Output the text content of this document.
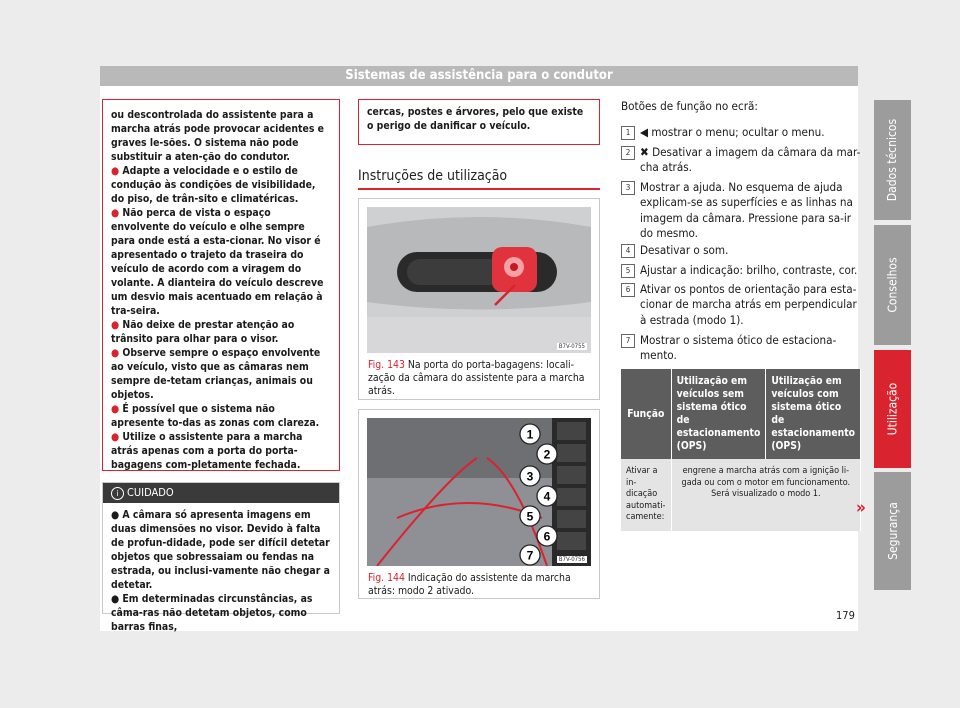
Sistemas de assistência para o condutor

ou descontrolada do assistente para a marcha atrás pode provocar acidentes e graves le-sões. O sistema não pode substituir a aten-ção do condutor.

● Adapte a velocidade e o estilo de condução às condições de visibilidade, do piso, de trân-sito e climatéricas.

● Não perca de vista o espaço envolvente do veículo e olhe sempre para onde está a esta-cionar. No visor é apresentado o trajeto da traseira do veículo de acordo com a viragem do volante. A dianteira do veículo descreve um desvio mais acentuado em relação à tra-seira.

● Não deixe de prestar atenção ao trânsito para olhar para o visor.

● Observe sempre o espaço envolvente ao veículo, visto que as câmaras nem sempre de-tetam crianças, animais ou objetos.

● É possível que o sistema não apresente to-das as zonas com clareza.

● Utilize o assistente para a marcha atrás apenas com a porta do porta-bagagens com-pletamente fechada.

i CUIDADO

● A câmara só apresenta imagens em duas dimensões no visor. Devido à falta de profun-didade, pode ser difícil detetar objetos que sobressaiam ou fendas na estrada, ou inclusi-vamente não chegar a detetar.

● Em determinadas circunstâncias, as câma-ras não detetam objetos, como barras finas,

cercas, postes e árvores, pelo que existe o perigo de danificar o veículo.
Instruções de utilização
B7V-0755
Fig. 143 Na porta do porta-bagagens: locali-zação da câmara do assistente para a marcha atrás.
1
2
3
4
5
6
7	B7V-0756
Fig. 144 Indicação do assistente da marcha atrás: modo 2 ativado.
Botões de função no ecrã:
1 ◀ mostrar o menu; ocultar o menu.
2 ✖ Desativar a imagem da câmara da mar-cha atrás.
3 Mostrar a ajuda. No esquema de ajuda explicam-se as superfícies e as linhas na imagem da câmara. Pressione para sa-ir do mesmo.
4 Desativar o som.
5 Ajustar a indicação: brilho, contraste, cor.
6 Ativar os pontos de orientação para esta-cionar de marcha atrás em perpendicular à estrada (modo 1).
7 Mostrar o sistema ótico de estaciona-mento.
Função	Utilização em veículos sem sistema ótico de estacionamento (OPS)	Utilização em veículos com sistema ótico de estacionamento (OPS)
Ativar a in-dicação automati-camente:	engrene a marcha atrás com a ignição li-gada ou com o motor em funcionamento. Será visualizado o modo 1.	
»
Dados técnicos
Conselhos
Utilização
Segurança
179
